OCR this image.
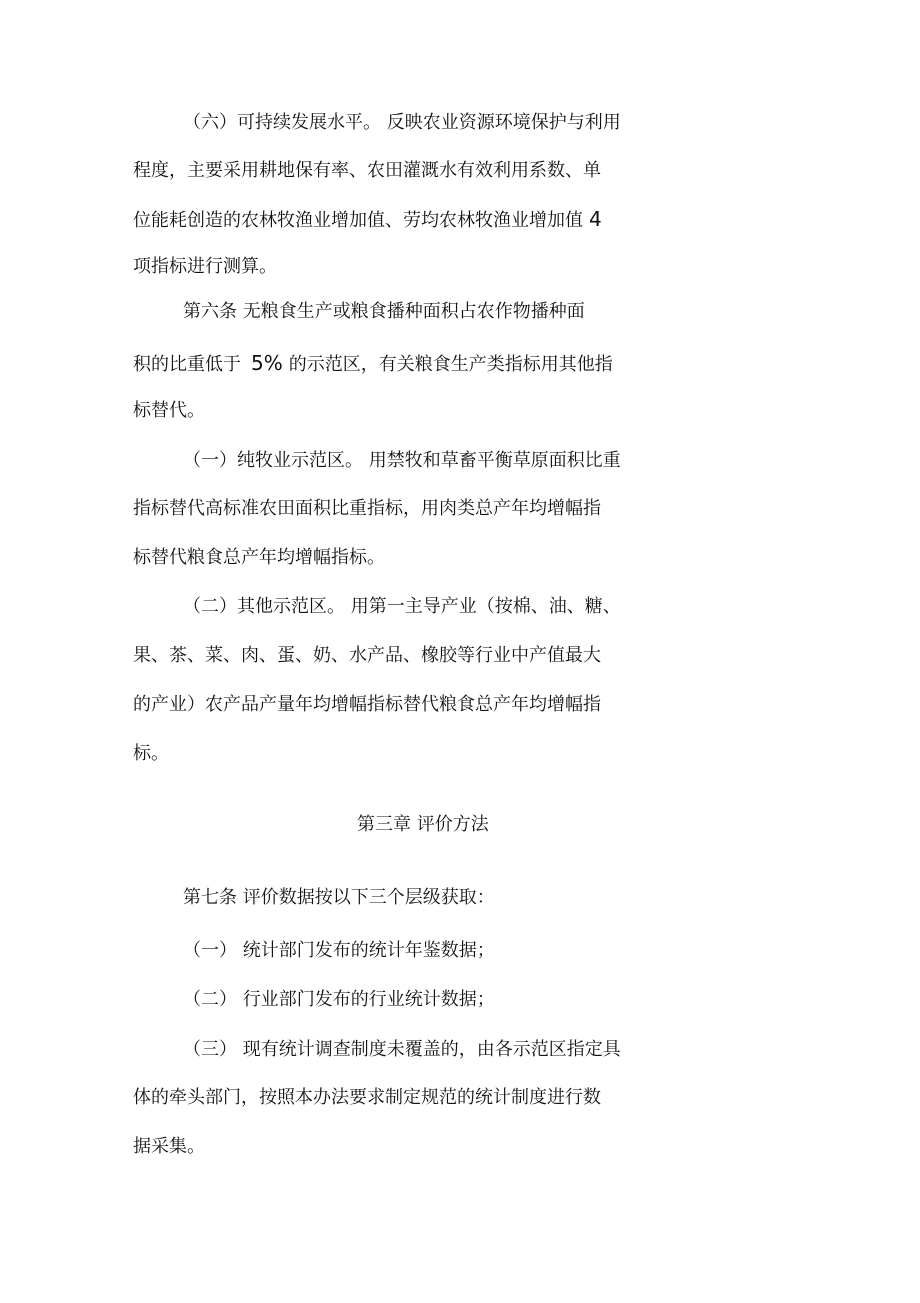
（六）可持续发展水平。 反映农业资源环境保护与利用
程度，主要采用耕地保有率、农田灌溉水有效利用系数、单
位能耗创造的农林牧渔业增加值、劳均农林牧渔业增加值 4
项指标进行测算。
第六条 无粮食生产或粮食播种面积占农作物播种面
积的比重低于 5% 的示范区，有关粮食生产类指标用其他指
标替代。
（一）纯牧业示范区。 用禁牧和草畜平衡草原面积比重
指标替代高标准农田面积比重指标，用肉类总产年均增幅指
标替代粮食总产年均增幅指标。
（二）其他示范区。 用第一主导产业（按棉、油、糖、
果、茶、菜、肉、蛋、奶、水产品、橡胶等行业中产值最大
的产业）农产品产量年均增幅指标替代粮食总产年均增幅指
标。
第三章 评价方法
第七条 评价数据按以下三个层级获取：
（一） 统计部门发布的统计年鉴数据；
（二） 行业部门发布的行业统计数据；
（三） 现有统计调查制度未覆盖的，由各示范区指定具
体的牵头部门，按照本办法要求制定规范的统计制度进行数
据采集。
